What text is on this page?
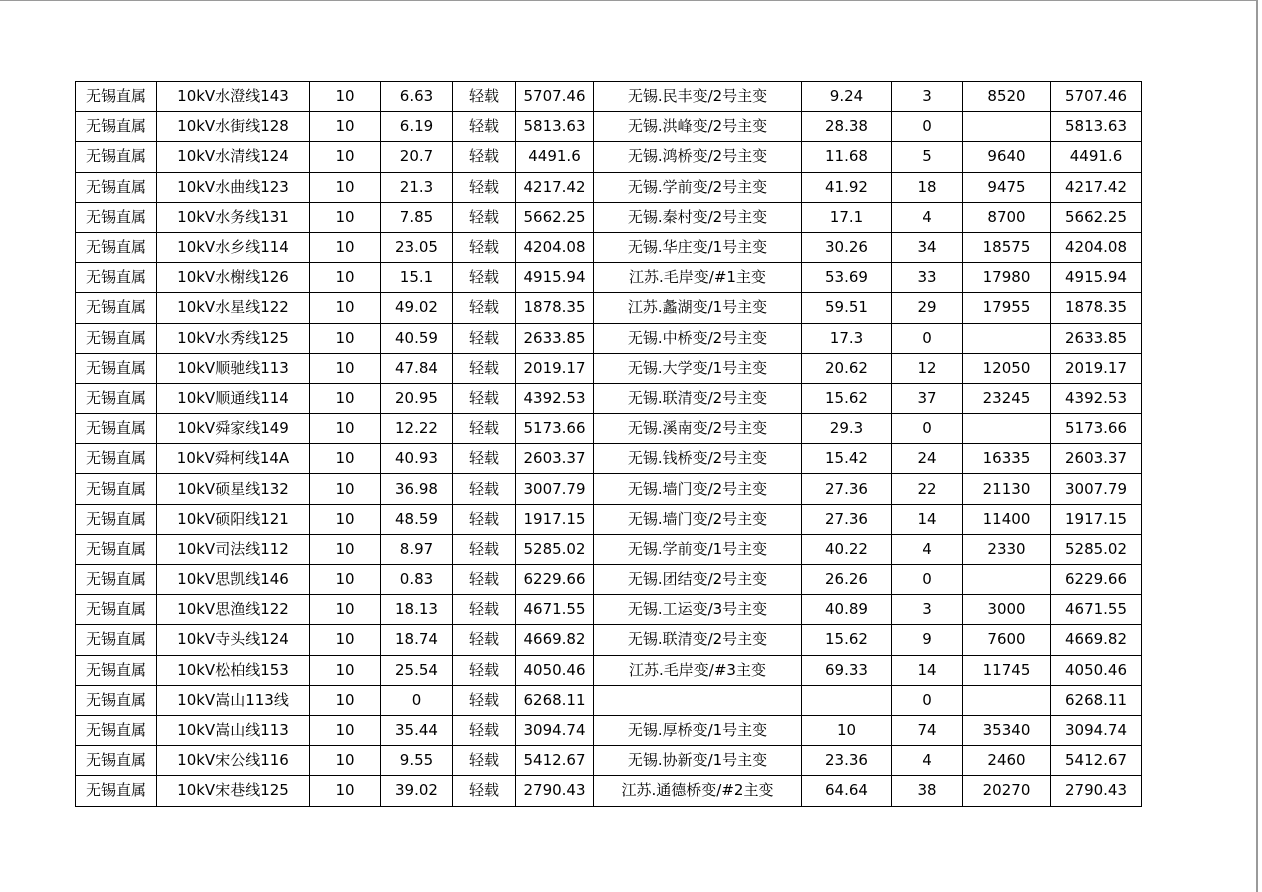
无锡直属	10kV水澄线143	10	6.63	轻载	5707.46	无锡.民丰变/2号主变	9.24	3	8520	5707.46
无锡直属	10kV水街线128	10	6.19	轻载	5813.63	无锡.洪峰变/2号主变	28.38	0		5813.63
无锡直属	10kV水清线124	10	20.7	轻载	4491.6	无锡.鸿桥变/2号主变	11.68	5	9640	4491.6
无锡直属	10kV水曲线123	10	21.3	轻载	4217.42	无锡.学前变/2号主变	41.92	18	9475	4217.42
无锡直属	10kV水务线131	10	7.85	轻载	5662.25	无锡.秦村变/2号主变	17.1	4	8700	5662.25
无锡直属	10kV水乡线114	10	23.05	轻载	4204.08	无锡.华庄变/1号主变	30.26	34	18575	4204.08
无锡直属	10kV水榭线126	10	15.1	轻载	4915.94	江苏.毛岸变/#1主变	53.69	33	17980	4915.94
无锡直属	10kV水星线122	10	49.02	轻载	1878.35	江苏.蠡湖变/1号主变	59.51	29	17955	1878.35
无锡直属	10kV水秀线125	10	40.59	轻载	2633.85	无锡.中桥变/2号主变	17.3	0		2633.85
无锡直属	10kV顺驰线113	10	47.84	轻载	2019.17	无锡.大学变/1号主变	20.62	12	12050	2019.17
无锡直属	10kV顺通线114	10	20.95	轻载	4392.53	无锡.联清变/2号主变	15.62	37	23245	4392.53
无锡直属	10kV舜家线149	10	12.22	轻载	5173.66	无锡.溪南变/2号主变	29.3	0		5173.66
无锡直属	10kV舜柯线14A	10	40.93	轻载	2603.37	无锡.钱桥变/2号主变	15.42	24	16335	2603.37
无锡直属	10kV硕星线132	10	36.98	轻载	3007.79	无锡.墙门变/2号主变	27.36	22	21130	3007.79
无锡直属	10kV硕阳线121	10	48.59	轻载	1917.15	无锡.墙门变/2号主变	27.36	14	11400	1917.15
无锡直属	10kV司法线112	10	8.97	轻载	5285.02	无锡.学前变/1号主变	40.22	4	2330	5285.02
无锡直属	10kV思凯线146	10	0.83	轻载	6229.66	无锡.团结变/2号主变	26.26	0		6229.66
无锡直属	10kV思渔线122	10	18.13	轻载	4671.55	无锡.工运变/3号主变	40.89	3	3000	4671.55
无锡直属	10kV寺头线124	10	18.74	轻载	4669.82	无锡.联清变/2号主变	15.62	9	7600	4669.82
无锡直属	10kV松柏线153	10	25.54	轻载	4050.46	江苏.毛岸变/#3主变	69.33	14	11745	4050.46
无锡直属	10kV嵩山113线	10	0	轻载	6268.11			0		6268.11
无锡直属	10kV嵩山线113	10	35.44	轻载	3094.74	无锡.厚桥变/1号主变	10	74	35340	3094.74
无锡直属	10kV宋公线116	10	9.55	轻载	5412.67	无锡.协新变/1号主变	23.36	4	2460	5412.67
无锡直属	10kV宋巷线125	10	39.02	轻载	2790.43	江苏.通德桥变/#2主变	64.64	38	20270	2790.43
